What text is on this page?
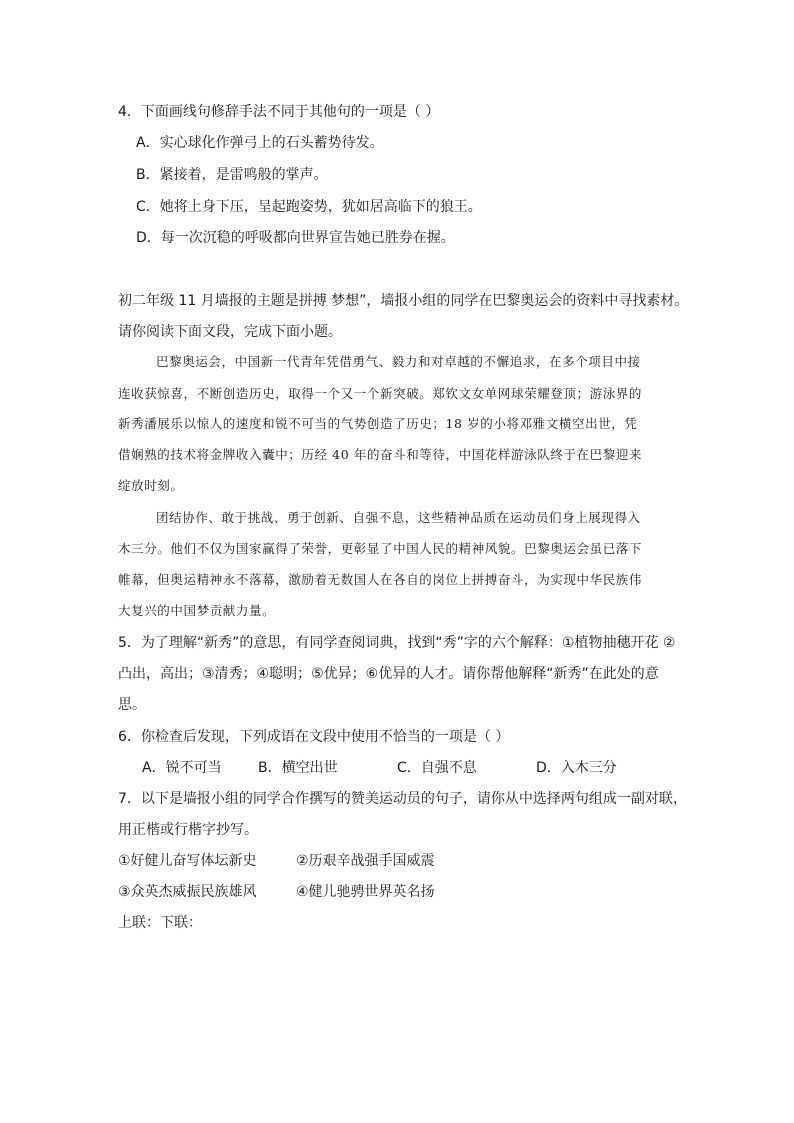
4．下面画线句修辞手法不同于其他句的一项是（ ）

A．实心球化作弹弓上的石头蓄势待发。

B．紧接着，是雷鸣般的掌声。

C．她将上身下压，呈起跑姿势，犹如居高临下的狼王。

D．每一次沉稳的呼吸都向世界宣告她已胜券在握。

初二年级 11 月墙报的主题是拼搏 梦想”，墙报小组的同学在巴黎奥运会的资料中寻找素材。

请你阅读下面文段，完成下面小题。

巴黎奥运会，中国新一代青年凭借勇气、毅力和对卓越的不懈追求，在多个项目中接

连收获惊喜，不断创造历史，取得一个又一个新突破。郑钦文女单网球荣耀登顶；游泳界的

新秀潘展乐以惊人的速度和锐不可当的气势创造了历史；18 岁的小将邓雅文横空出世，凭

借娴熟的技术将金牌收入囊中；历经 40 年的奋斗和等待，中国花样游泳队终于在巴黎迎来

绽放时刻。

团结协作、敢于挑战、勇于创新、自强不息，这些精神品质在运动员们身上展现得入

木三分。他们不仅为国家赢得了荣誉，更彰显了中国人民的精神风貌。巴黎奥运会虽已落下

帷幕，但奥运精神永不落幕，激励着无数国人在各自的岗位上拼搏奋斗，为实现中华民族伟

大复兴的中国梦贡献力量。

5．为了理解“新秀”的意思，有同学查阅词典，找到“秀”字的六个解释：①植物抽穗开花 ②

凸出，高出；③清秀；④聪明；⑤优异；⑥优异的人才。请你帮他解释“新秀”在此处的意

思。

6．你检查后发现，下列成语在文段中使用不恰当的一项是（ ）

A．锐不可当	B．横空出世	C．自强不息	D．入木三分

7．以下是墙报小组的同学合作撰写的赞美运动员的句子，请你从中选择两句组成一副对联，

用正楷或行楷字抄写。

①好健儿奋写体坛新史	②历艰辛战强手国威震
③众英杰威振民族雄风	④健儿驰骋世界英名扬

上联：下联：
